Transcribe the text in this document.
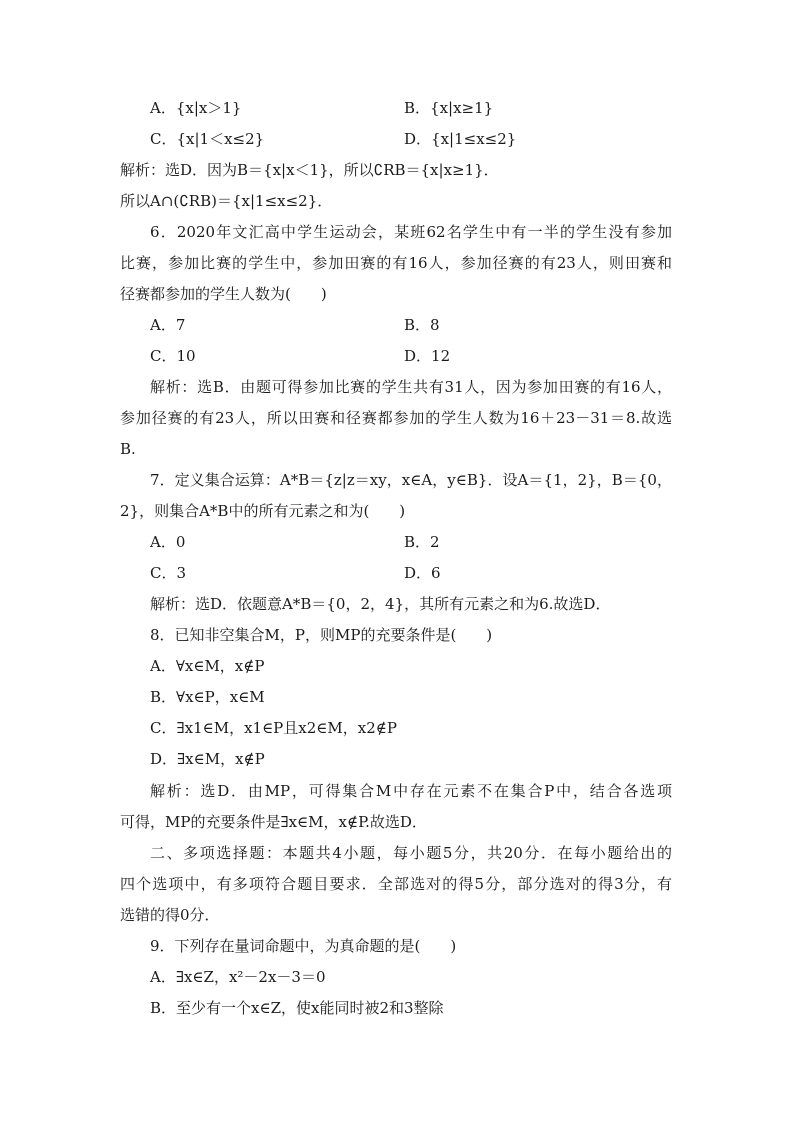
A．{x|x＞1}	B．{x|x≥1}
C．{x|1＜x≤2}	D．{x|1≤x≤2}
解析：选D．因为B＝{x|x＜1}，所以∁RB＝{x|x≥1}．
所以A∩(∁RB)＝{x|1≤x≤2}．
6．2020年文汇高中学生运动会，某班62名学生中有一半的学生没有参加
比赛，参加比赛的学生中，参加田赛的有16人，参加径赛的有23人，则田赛和
径赛都参加的学生人数为(　　)
A．7	B．8
C．10	D．12
解析：选B．由题可得参加比赛的学生共有31人，因为参加田赛的有16人，
参加径赛的有23人，所以田赛和径赛都参加的学生人数为16＋23－31＝8.故选
B.
7．定义集合运算：A*B＝{z|z＝xy，x∈A，y∈B}．设A＝{1，2}，B＝{0，
2}，则集合A*B中的所有元素之和为(　　)
A．0	B．2
C．3	D．6
解析：选D．依题意A*B＝{0，2，4}，其所有元素之和为6.故选D．
8．已知非空集合M，P，则MP的充要条件是(　　)
A．∀x∈M，x∉P
B．∀x∈P，x∈M
C．∃x1∈M，x1∈P且x2∈M，x2∉P
D．∃x∈M，x∉P
解析：选D．由MP，可得集合M中存在元素不在集合P中，结合各选项
可得，MP的充要条件是∃x∈M，x∉P.故选D．
二、多项选择题：本题共4小题，每小题5分，共20分．在每小题给出的
四个选项中，有多项符合题目要求．全部选对的得5分，部分选对的得3分，有
选错的得0分．
9．下列存在量词命题中，为真命题的是(　　)
A．∃x∈Z，x²－2x－3＝0
B．至少有一个x∈Z，使x能同时被2和3整除
